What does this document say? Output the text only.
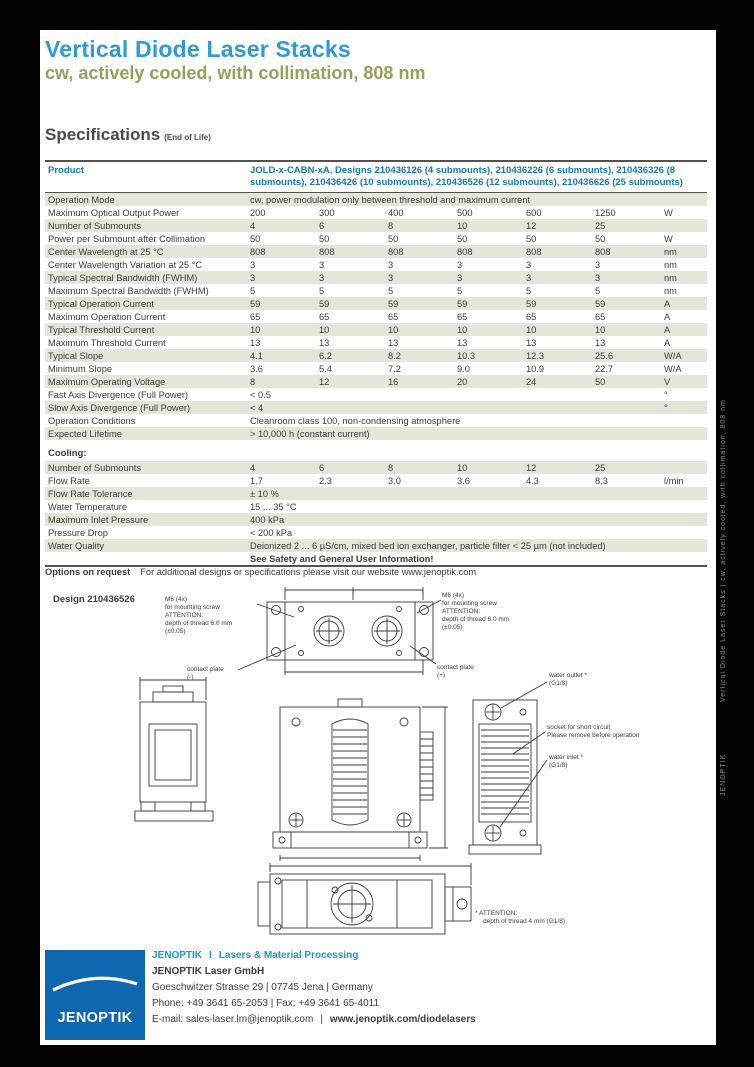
Vertical Diode Laser Stacks
cw, actively cooled, with collimation, 808 nm
Specifications (End of Life)
Product	JOLD-x-CABN-xA, Designs 210436126 (4 submounts), 210436226 (6 submounts), 210436326 (8 submounts), 210436426 (10 submounts), 210436526 (12 submounts), 210436626 (25 submounts)
Operation Mode	cw, power modulation only between threshold and maximum current
Maximum Optical Output Power	200	300	400	500	600	1250	W
Number of Submounts	4	6	8	10	12	25
Power per Submount after Collimation	50	50	50	50	50	50	W
Center Wavelength at 25 °C	808	808	808	808	808	808	nm
Center Wavelength Variation at 25 °C	3	3	3	3	3	3	nm
Typical Spectral Bandwidth (FWHM)	3	3	3	3	3	3	nm
Maximum Spectral Bandwidth (FWHM)	5	5	5	5	5	5	nm
Typical Operation Current	59	59	59	59	59	59	A
Maximum Operation Current	65	65	65	65	65	65	A
Typical Threshold Current	10	10	10	10	10	10	A
Maximum Threshold Current	13	13	13	13	13	13	A
Typical Slope	4.1	6.2	8.2	10.3	12.3	25.6	W/A
Minimum Slope	3.6	5.4	7.2	9.0	10.9	22.7	W/A
Maximum Operating Voltage	8	12	16	20	24	50	V
Fast Axis Divergence (Full Power)	< 0.5	°
Slow Axis Divergence (Full Power)	< 4	°
Operation Conditions	Cleanroom class 100, non-condensing atmosphere
Expected Lifetime	> 10,000 h (constant current)
Cooling:
Number of Submounts	4	6	8	10	12	25
Flow Rate	1.7	2.3	3.0	3.6	4.3	8.3	l/min
Flow Rate Tolerance	± 10 %
Water Temperature	15 ... 35 °C
Maximum Inlet Pressure	400 kPa
Pressure Drop	< 200 kPa
Water Quality	Deionized 2 ... 6 µS/cm, mixed bed ion exchanger, particle filter < 25 µm (not included)
See Safety and General User Information!
Options on request For additional designs or specifications please visit our website www.jenoptik.com
Design 210436526	M6 (4x)
for mounting screw
ATTENTION:
depth of thread 6.0 mm
(±0.05)
M6 (4x)
for mounting screw
ATTENTION:
depth of thread 6.0 mm
(±0.05)
contact plate
(-)
contact plate
(+)	water outlet *
(G1/8)
socket for short circuit
Please remove before operation
water inlet *
(G1/8)
* ATTENTION:
depth of thread 4 mm (G1/8)
JENOPTIK
JENOPTIK I Lasers & Material Processing
JENOPTIK Laser GmbH
Goeschwitzer Strasse 29 | 07745 Jena | Germany
Phone: +49 3641 65-2053 | Fax: +49 3641 65-4011
E-mail: sales-laser.lm@jenoptik.com | www.jenoptik.com/diodelasers
Vertical Diode Laser Stacks | cw, actively cooled, with collimation, 808 nm
JENOPTIK
